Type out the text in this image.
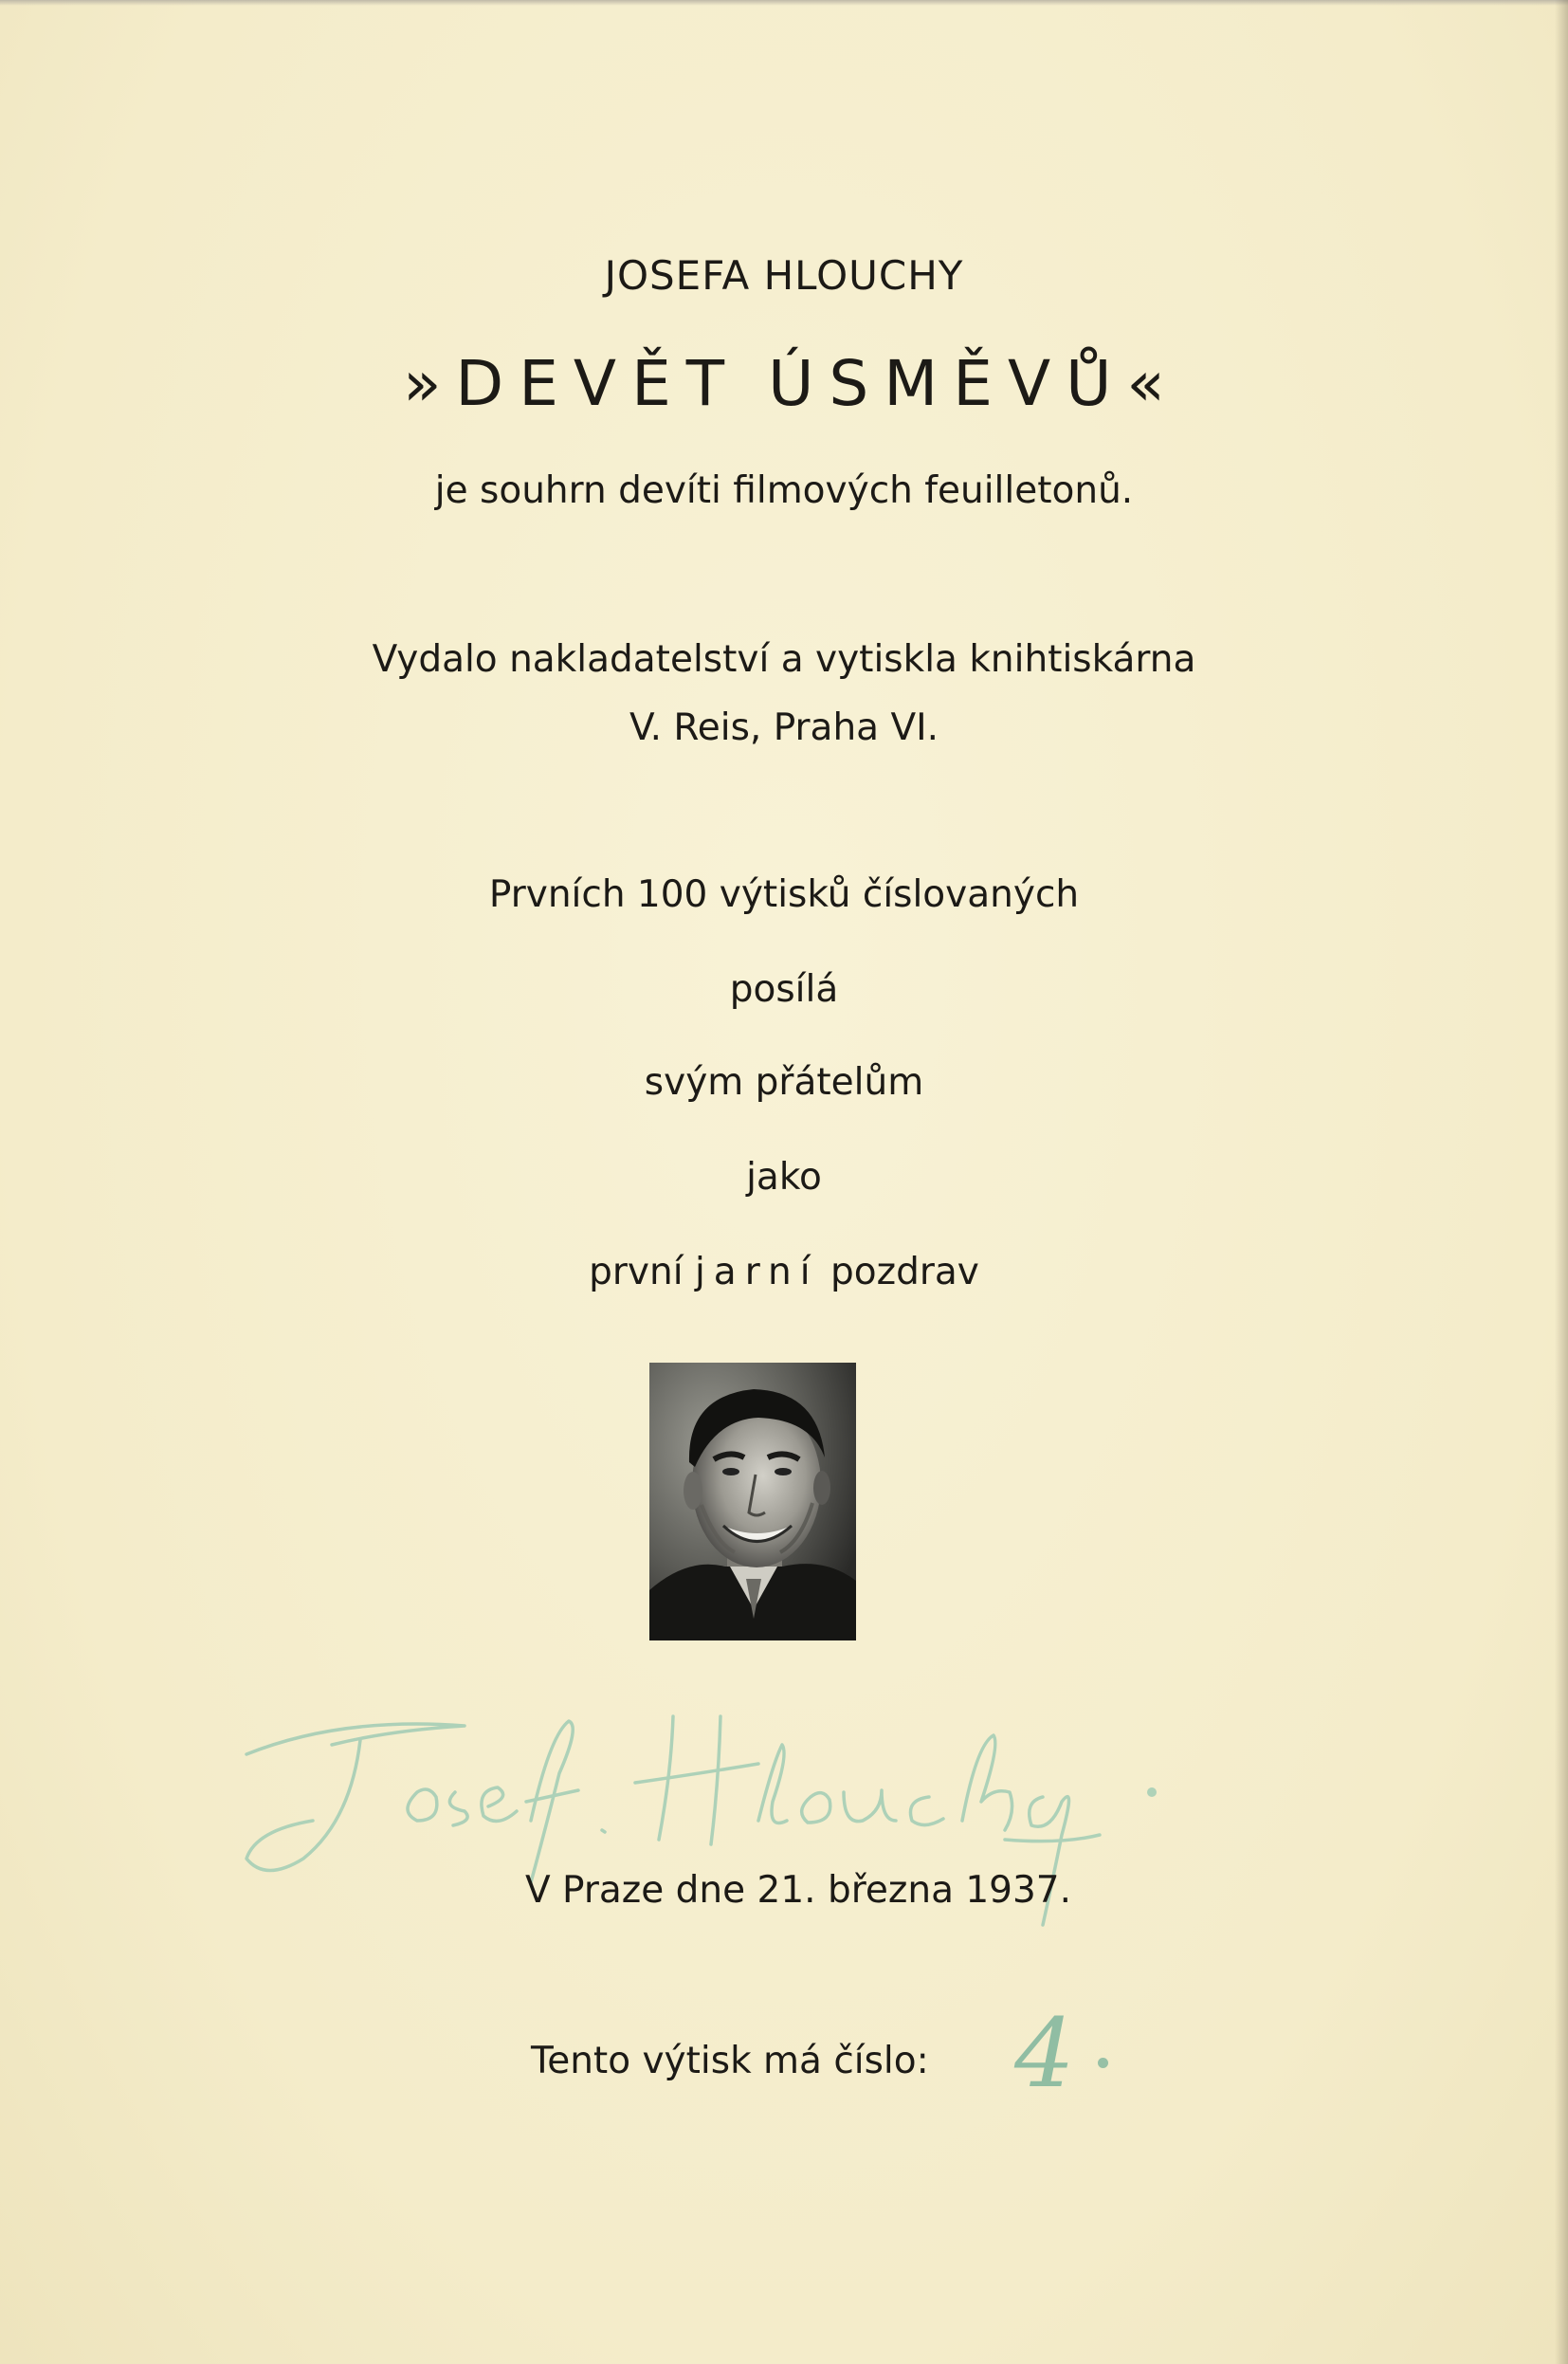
JOSEFA HLOUCHY
»DEVĚT ÚSMĚVŮ«
je souhrn devíti filmových feuilletonů.
Vydalo nakladatelství a vytiskla knihtiskárna
V. Reis, Praha VI.
Prvních 100 výtisků číslovaných
posílá
svým přátelům
jako
první jarní pozdrav
V Praze dne 21. března 1937.
Tento výtisk má číslo: 4
